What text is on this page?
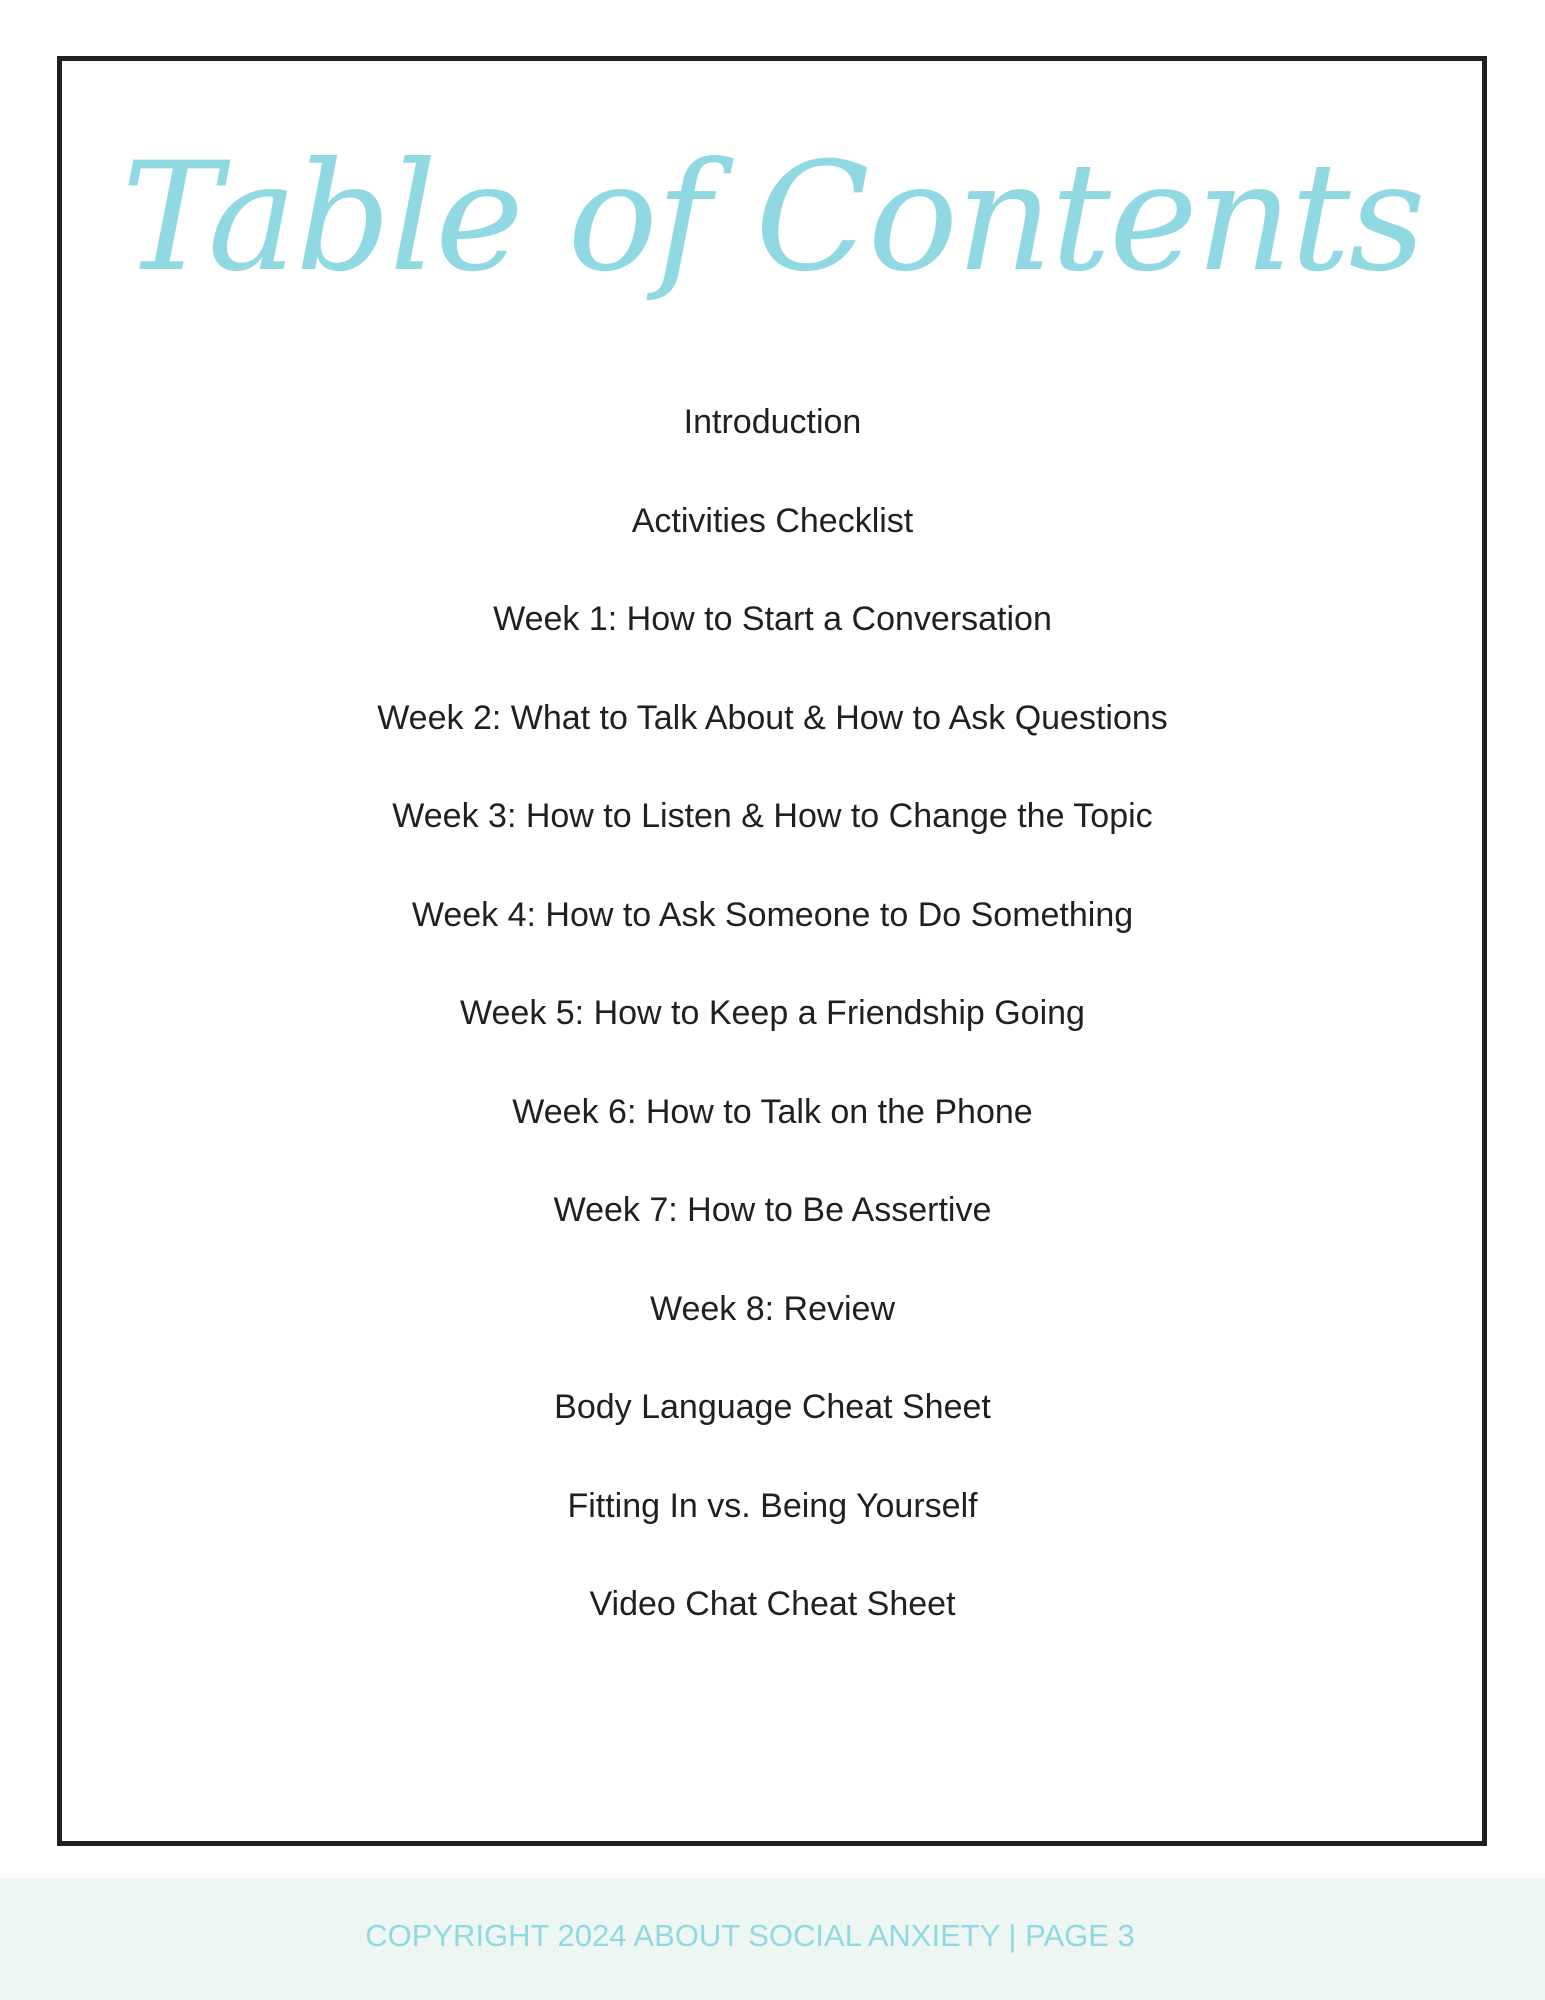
Table of Contents
Introduction
Activities Checklist
Week 1: How to Start a Conversation
Week 2: What to Talk About & How to Ask Questions
Week 3: How to Listen & How to Change the Topic
Week 4: How to Ask Someone to Do Something
Week 5: How to Keep a Friendship Going
Week 6: How to Talk on the Phone
Week 7: How to Be Assertive
Week 8: Review
Body Language Cheat Sheet
Fitting In vs. Being Yourself
Video Chat Cheat Sheet
COPYRIGHT 2024 ABOUT SOCIAL ANXIETY | PAGE 3
